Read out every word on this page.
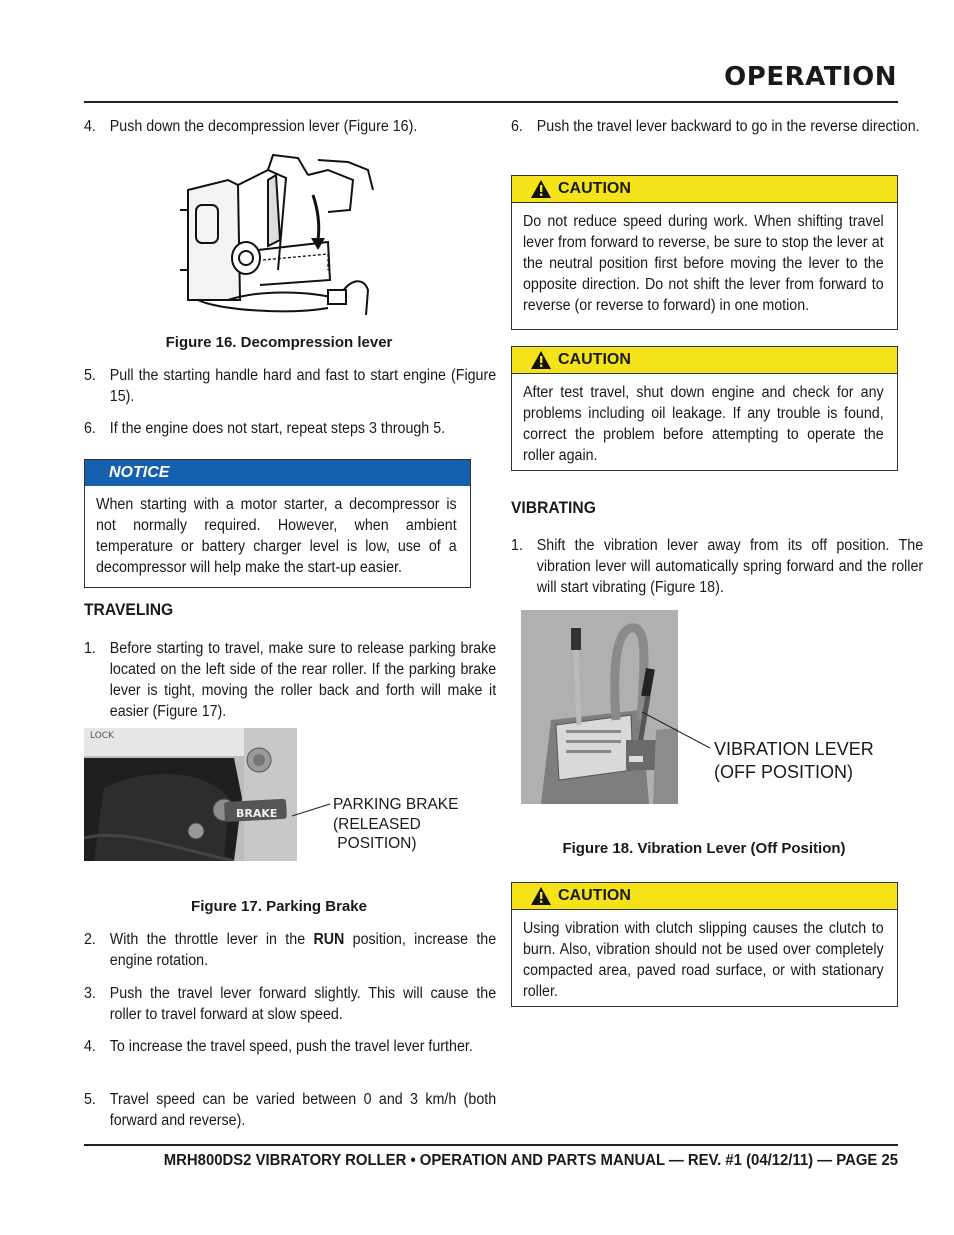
OPERATION
4. Push down the decompression lever (Figure 16).
Figure 16. Decompression lever
5. Pull the starting handle hard and fast to start engine (Figure 15).
6. If the engine does not start, repeat steps 3 through 5.
NOTICE
When starting with a motor starter, a decompressor is not normally required. However, when ambient temperature or battery charger level is low, use of a decompressor will help make the start-up easier.
TRAVELING
1. Before starting to travel, make sure to release parking brake located on the left side of the rear roller. If the parking brake lever is tight, moving the roller back and forth will make it easier (Figure 17).
LOCK
BRAKE
PARKING BRAKE
(RELEASED
POSITION)
Figure 17. Parking Brake
2. With the throttle lever in the RUN position, increase the engine rotation.
3. Push the travel lever forward slightly. This will cause the roller to travel forward at slow speed.
4. To increase the travel speed, push the travel lever further.
5. Travel speed can be varied between 0 and 3 km/h (both forward and reverse).
6. Push the travel lever backward to go in the reverse direction.
CAUTION
Do not reduce speed during work. When shifting travel lever from forward to reverse, be sure to stop the lever at the neutral position first before moving the lever to the opposite direction. Do not shift the lever from forward to reverse (or reverse to forward) in one motion.
CAUTION
After test travel, shut down engine and check for any problems including oil leakage. If any trouble is found, correct the problem before attempting to operate the roller again.
VIBRATING
1. Shift the vibration lever away from its off position. The vibration lever will automatically spring forward and the roller will start vibrating (Figure 18).
VIBRATION LEVER
(OFF POSITION)
Figure 18. Vibration Lever (Off Position)
CAUTION
Using vibration with clutch slipping causes the clutch to burn. Also, vibration should not be used over completely compacted area, paved road surface, or with stationary roller.
MRH800DS2 VIBRATORY ROLLER • OPERATION AND PARTS MANUAL — REV. #1 (04/12/11) — PAGE 25
